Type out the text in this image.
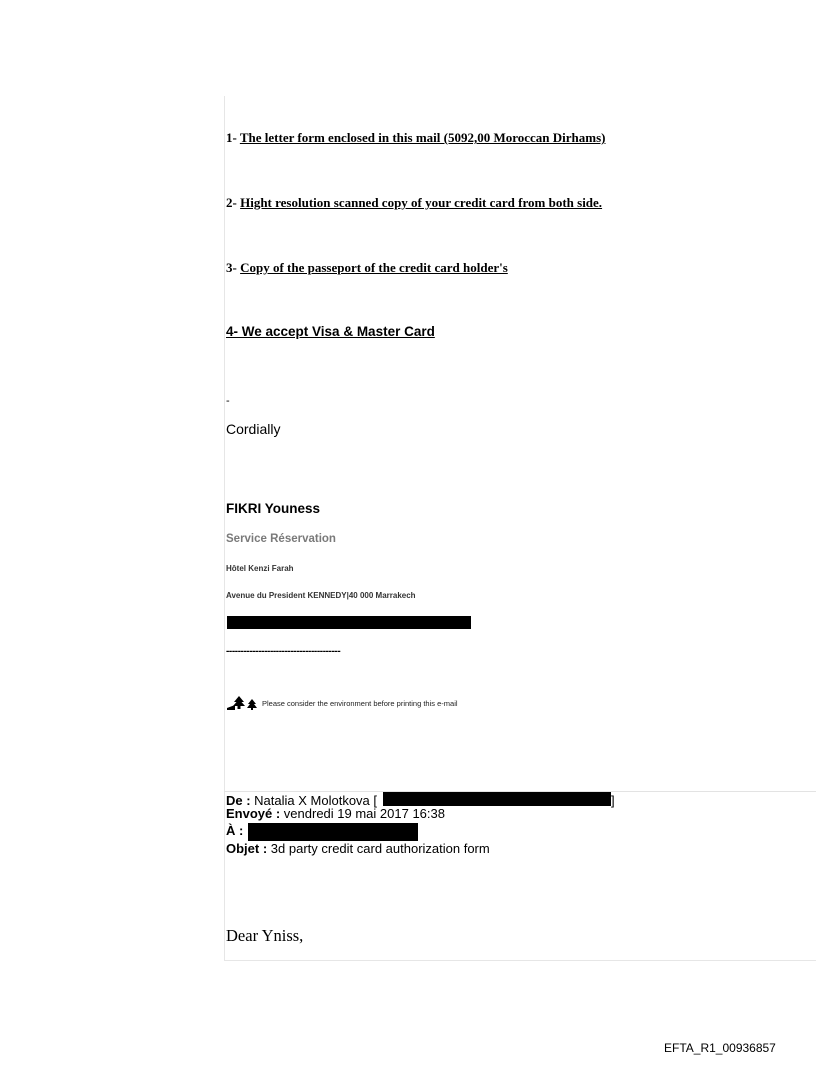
1- The letter form enclosed in this mail (5092,00 Moroccan Dirhams)
2- Hight resolution scanned copy of your credit card from both side.
3- Copy of the passeport of the credit card holder's
4- We accept Visa & Master Card
-
Cordially
FIKRI Youness
Service Réservation
Hôtel Kenzi Farah
Avenue du President KENNEDY|40 000 Marrakech
---------------------------------------
Please consider the environment before printing this e-mail
De : Natalia X Molotkova [	]
Envoyé : vendredi 19 mai 2017 16:38
À :
Objet : 3d party credit card authorization form
Dear Yniss,
EFTA_R1_00936857
